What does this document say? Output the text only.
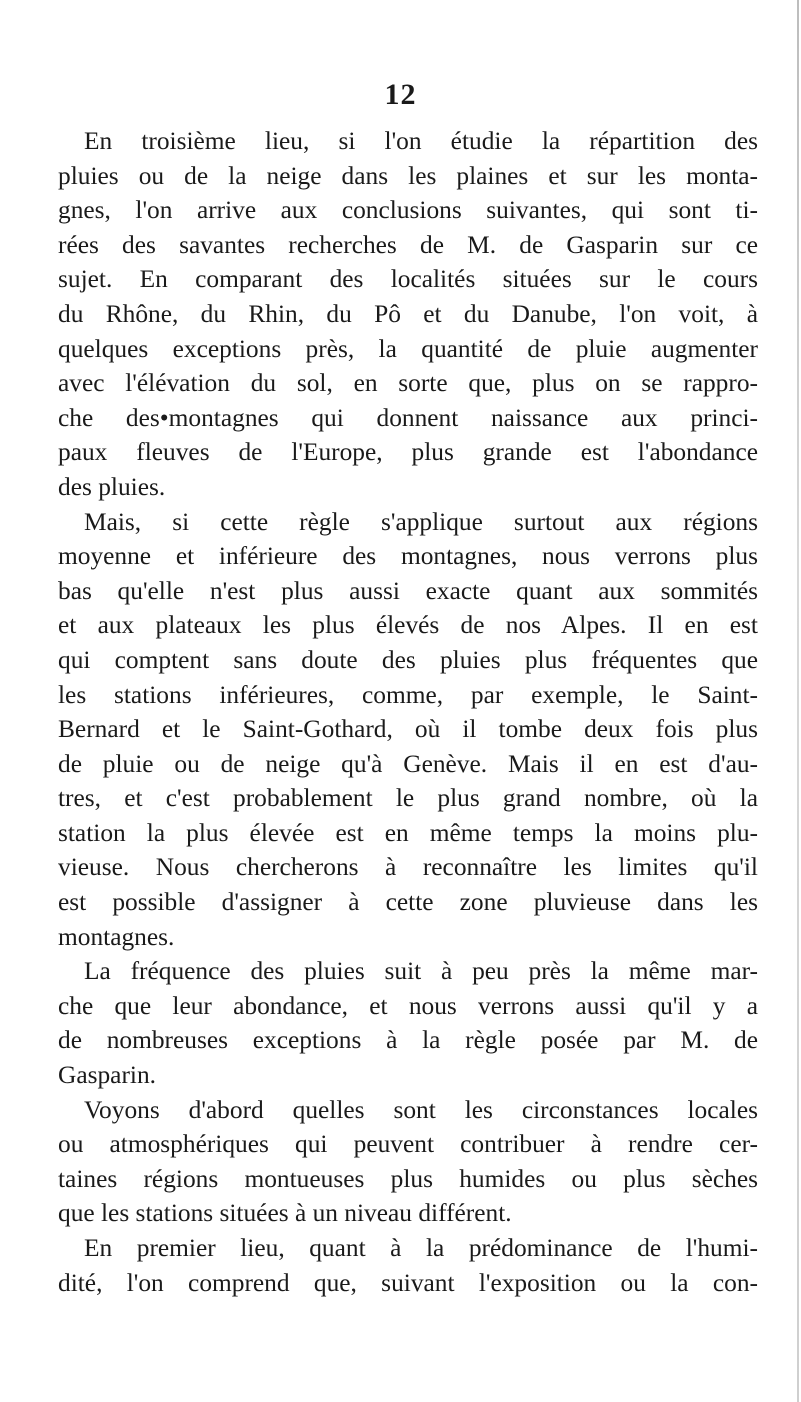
12
En troisième lieu, si l'on étudie la répartition des
pluies ou de la neige dans les plaines et sur les monta-
gnes, l'on arrive aux conclusions suivantes, qui sont ti-
rées des savantes recherches de M. de Gasparin sur ce
sujet. En comparant des localités situées sur le cours
du Rhône, du Rhin, du Pô et du Danube, l'on voit, à
quelques exceptions près, la quantité de pluie augmenter
avec l'élévation du sol, en sorte que, plus on se rappro-
che des•montagnes qui donnent naissance aux princi-
paux fleuves de l'Europe, plus grande est l'abondance
des pluies.
Mais, si cette règle s'applique surtout aux régions
moyenne et inférieure des montagnes, nous verrons plus
bas qu'elle n'est plus aussi exacte quant aux sommités
et aux plateaux les plus élevés de nos Alpes. Il en est
qui comptent sans doute des pluies plus fréquentes que
les stations inférieures, comme, par exemple, le Saint-
Bernard et le Saint-Gothard, où il tombe deux fois plus
de pluie ou de neige qu'à Genève. Mais il en est d'au-
tres, et c'est probablement le plus grand nombre, où la
station la plus élevée est en même temps la moins plu-
vieuse. Nous chercherons à reconnaître les limites qu'il
est possible d'assigner à cette zone pluvieuse dans les
montagnes.
La fréquence des pluies suit à peu près la même mar-
che que leur abondance, et nous verrons aussi qu'il y a
de nombreuses exceptions à la règle posée par M. de
Gasparin.
Voyons d'abord quelles sont les circonstances locales
ou atmosphériques qui peuvent contribuer à rendre cer-
taines régions montueuses plus humides ou plus sèches
que les stations situées à un niveau différent.
En premier lieu, quant à la prédominance de l'humi-
dité, l'on comprend que, suivant l'exposition ou la con-
